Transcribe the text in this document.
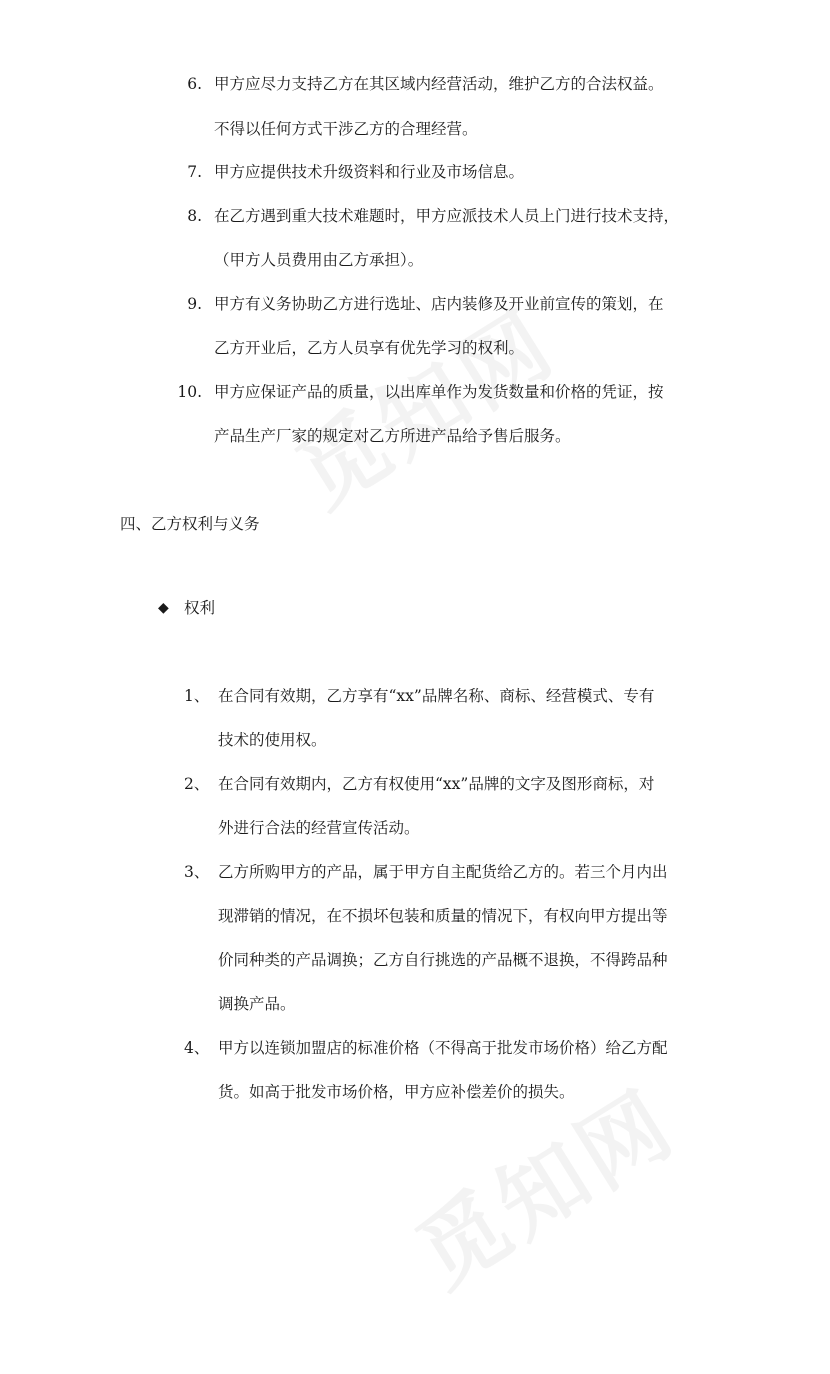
6. 甲方应尽力支持乙方在其区域内经营活动，维护乙方的合法权益。
不得以任何方式干涉乙方的合理经营。
7. 甲方应提供技术升级资料和行业及市场信息。
8. 在乙方遇到重大技术难题时，甲方应派技术人员上门进行技术支持，
（甲方人员费用由乙方承担）。
9. 甲方有义务协助乙方进行选址、店内装修及开业前宣传的策划，在
乙方开业后，乙方人员享有优先学习的权利。
10. 甲方应保证产品的质量，以出库单作为发货数量和价格的凭证，按
产品生产厂家的规定对乙方所进产品给予售后服务。
四、乙方权利与义务
◆ 权利
1、 在合同有效期，乙方享有“xx”品牌名称、商标、经营模式、专有
技术的使用权。
2、 在合同有效期内，乙方有权使用“xx”品牌的文字及图形商标，对
外进行合法的经营宣传活动。
3、 乙方所购甲方的产品，属于甲方自主配货给乙方的。若三个月内出
现滞销的情况，在不损坏包装和质量的情况下，有权向甲方提出等
价同种类的产品调换；乙方自行挑选的产品概不退换，不得跨品种
调换产品。
4、 甲方以连锁加盟店的标准价格（不得高于批发市场价格）给乙方配
货。如高于批发市场价格，甲方应补偿差价的损失。
